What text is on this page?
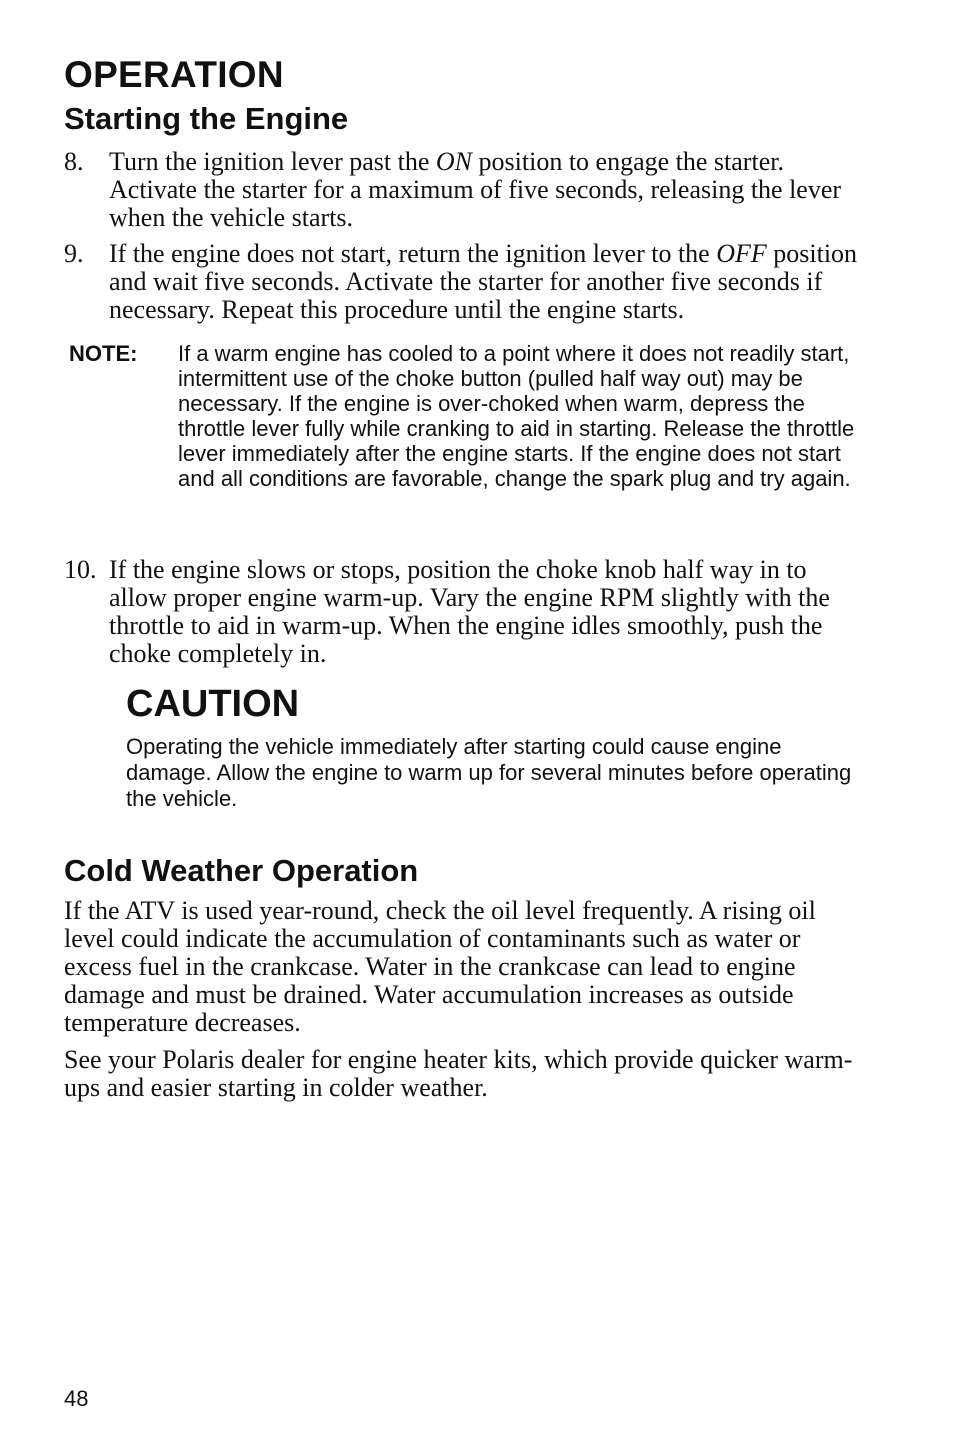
OPERATION
Starting the Engine
8. Turn the ignition lever past the ON position to engage the starter. Activate the starter for a maximum of five seconds, releasing the lever when the vehicle starts.
9. If the engine does not start, return the ignition lever to the OFF position and wait five seconds. Activate the starter for another five seconds if necessary. Repeat this procedure until the engine starts.
NOTE: If a warm engine has cooled to a point where it does not readily start, intermittent use of the choke button (pulled half way out) may be necessary. If the engine is over-choked when warm, depress the throttle lever fully while cranking to aid in starting. Release the throttle lever immediately after the engine starts. If the engine does not start and all conditions are favorable, change the spark plug and try again.
10. If the engine slows or stops, position the choke knob half way in to allow proper engine warm-up. Vary the engine RPM slightly with the throttle to aid in warm-up. When the engine idles smoothly, push the choke completely in.
CAUTION
Operating the vehicle immediately after starting could cause engine damage. Allow the engine to warm up for several minutes before operating the vehicle.
Cold Weather Operation
If the ATV is used year-round, check the oil level frequently. A rising oil level could indicate the accumulation of contaminants such as water or excess fuel in the crankcase. Water in the crankcase can lead to engine damage and must be drained. Water accumulation increases as outside temperature decreases.
See your Polaris dealer for engine heater kits, which provide quicker warm-ups and easier starting in colder weather.
48
